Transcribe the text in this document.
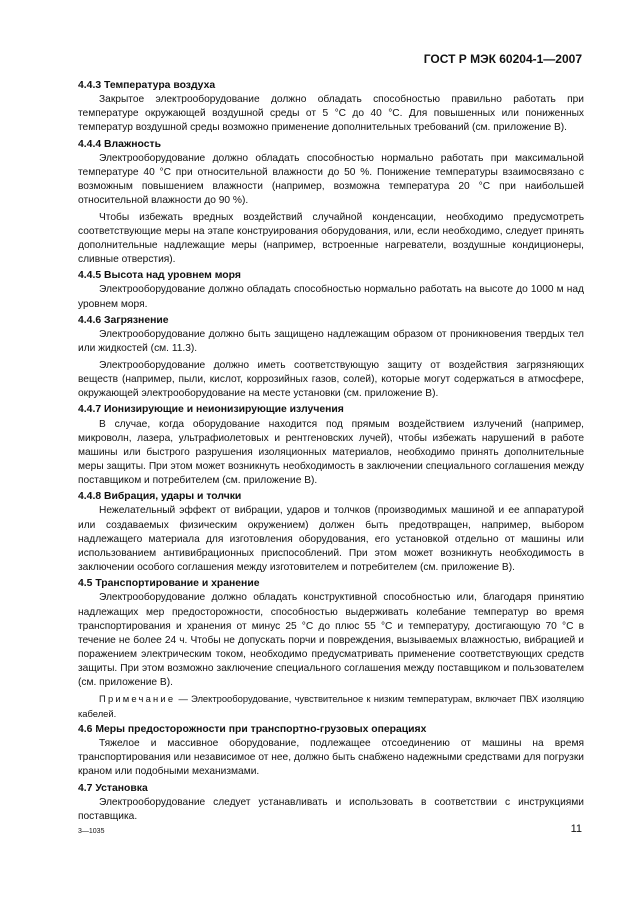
ГОСТ Р МЭК 60204-1—2007
4.4.3 Температура воздуха

Закрытое электрооборудование должно обладать способностью правильно работать при температуре окружающей воздушной среды от 5 °С до 40 °С. Для повышенных или пониженных температур воздушной среды возможно применение дополнительных требований (см. приложение В).

4.4.4 Влажность

Электрооборудование должно обладать способностью нормально работать при максимальной температуре 40 °С при относительной влажности до 50 %. Понижение температуры взаимосвязано с возможным повышением влажности (например, возможна температура 20 °С при наибольшей относительной влажности до 90 %).

Чтобы избежать вредных воздействий случайной конденсации, необходимо предусмотреть соответствующие меры на этапе конструирования оборудования, или, если необходимо, следует принять дополнительные надлежащие меры (например, встроенные нагреватели, воздушные кондиционеры, сливные отверстия).

4.4.5 Высота над уровнем моря

Электрооборудование должно обладать способностью нормально работать на высоте до 1000 м над уровнем моря.

4.4.6 Загрязнение

Электрооборудование должно быть защищено надлежащим образом от проникновения твердых тел или жидкостей (см. 11.3).

Электрооборудование должно иметь соответствующую защиту от воздействия загрязняющих веществ (например, пыли, кислот, коррозийных газов, солей), которые могут содержаться в атмосфере, окружающей электрооборудование на месте установки (см. приложение В).

4.4.7 Ионизирующие и неионизирующие излучения

В случае, когда оборудование находится под прямым воздействием излучений (например, микроволн, лазера, ультрафиолетовых и рентгеновских лучей), чтобы избежать нарушений в работе машины или быстрого разрушения изоляционных материалов, необходимо принять дополнительные меры защиты. При этом может возникнуть необходимость в заключении специального соглашения между поставщиком и потребителем (см. приложение В).

4.4.8 Вибрация, удары и толчки

Нежелательный эффект от вибрации, ударов и толчков (производимых машиной и ее аппаратурой или создаваемых физическим окружением) должен быть предотвращен, например, выбором надлежащего материала для изготовления оборудования, его установкой отдельно от машины или использованием антивибрационных приспособлений. При этом может возникнуть необходимость в заключении особого соглашения между изготовителем и потребителем (см. приложение В).

4.5 Транспортирование и хранение

Электрооборудование должно обладать конструктивной способностью или, благодаря принятию надлежащих мер предосторожности, способностью выдерживать колебание температур во время транспортирования и хранения от минус 25 °С до плюс 55 °С и температуру, достигающую 70 °С в течение не более 24 ч. Чтобы не допускать порчи и повреждения, вызываемых влажностью, вибрацией и поражением электрическим током, необходимо предусматривать применение соответствующих средств защиты. При этом возможно заключение специального соглашения между поставщиком и пользователем (см. приложение В).

Примечание — Электрооборудование, чувствительное к низким температурам, включает ПВХ изоляцию кабелей.

4.6 Меры предосторожности при транспортно-грузовых операциях

Тяжелое и массивное оборудование, подлежащее отсоединению от машины на время транспортирования или независимое от нее, должно быть снабжено надежными средствами для погрузки краном или подобными механизмами.

4.7 Установка

Электрооборудование следует устанавливать и использовать в соответствии с инструкциями поставщика.

3—1035	11
